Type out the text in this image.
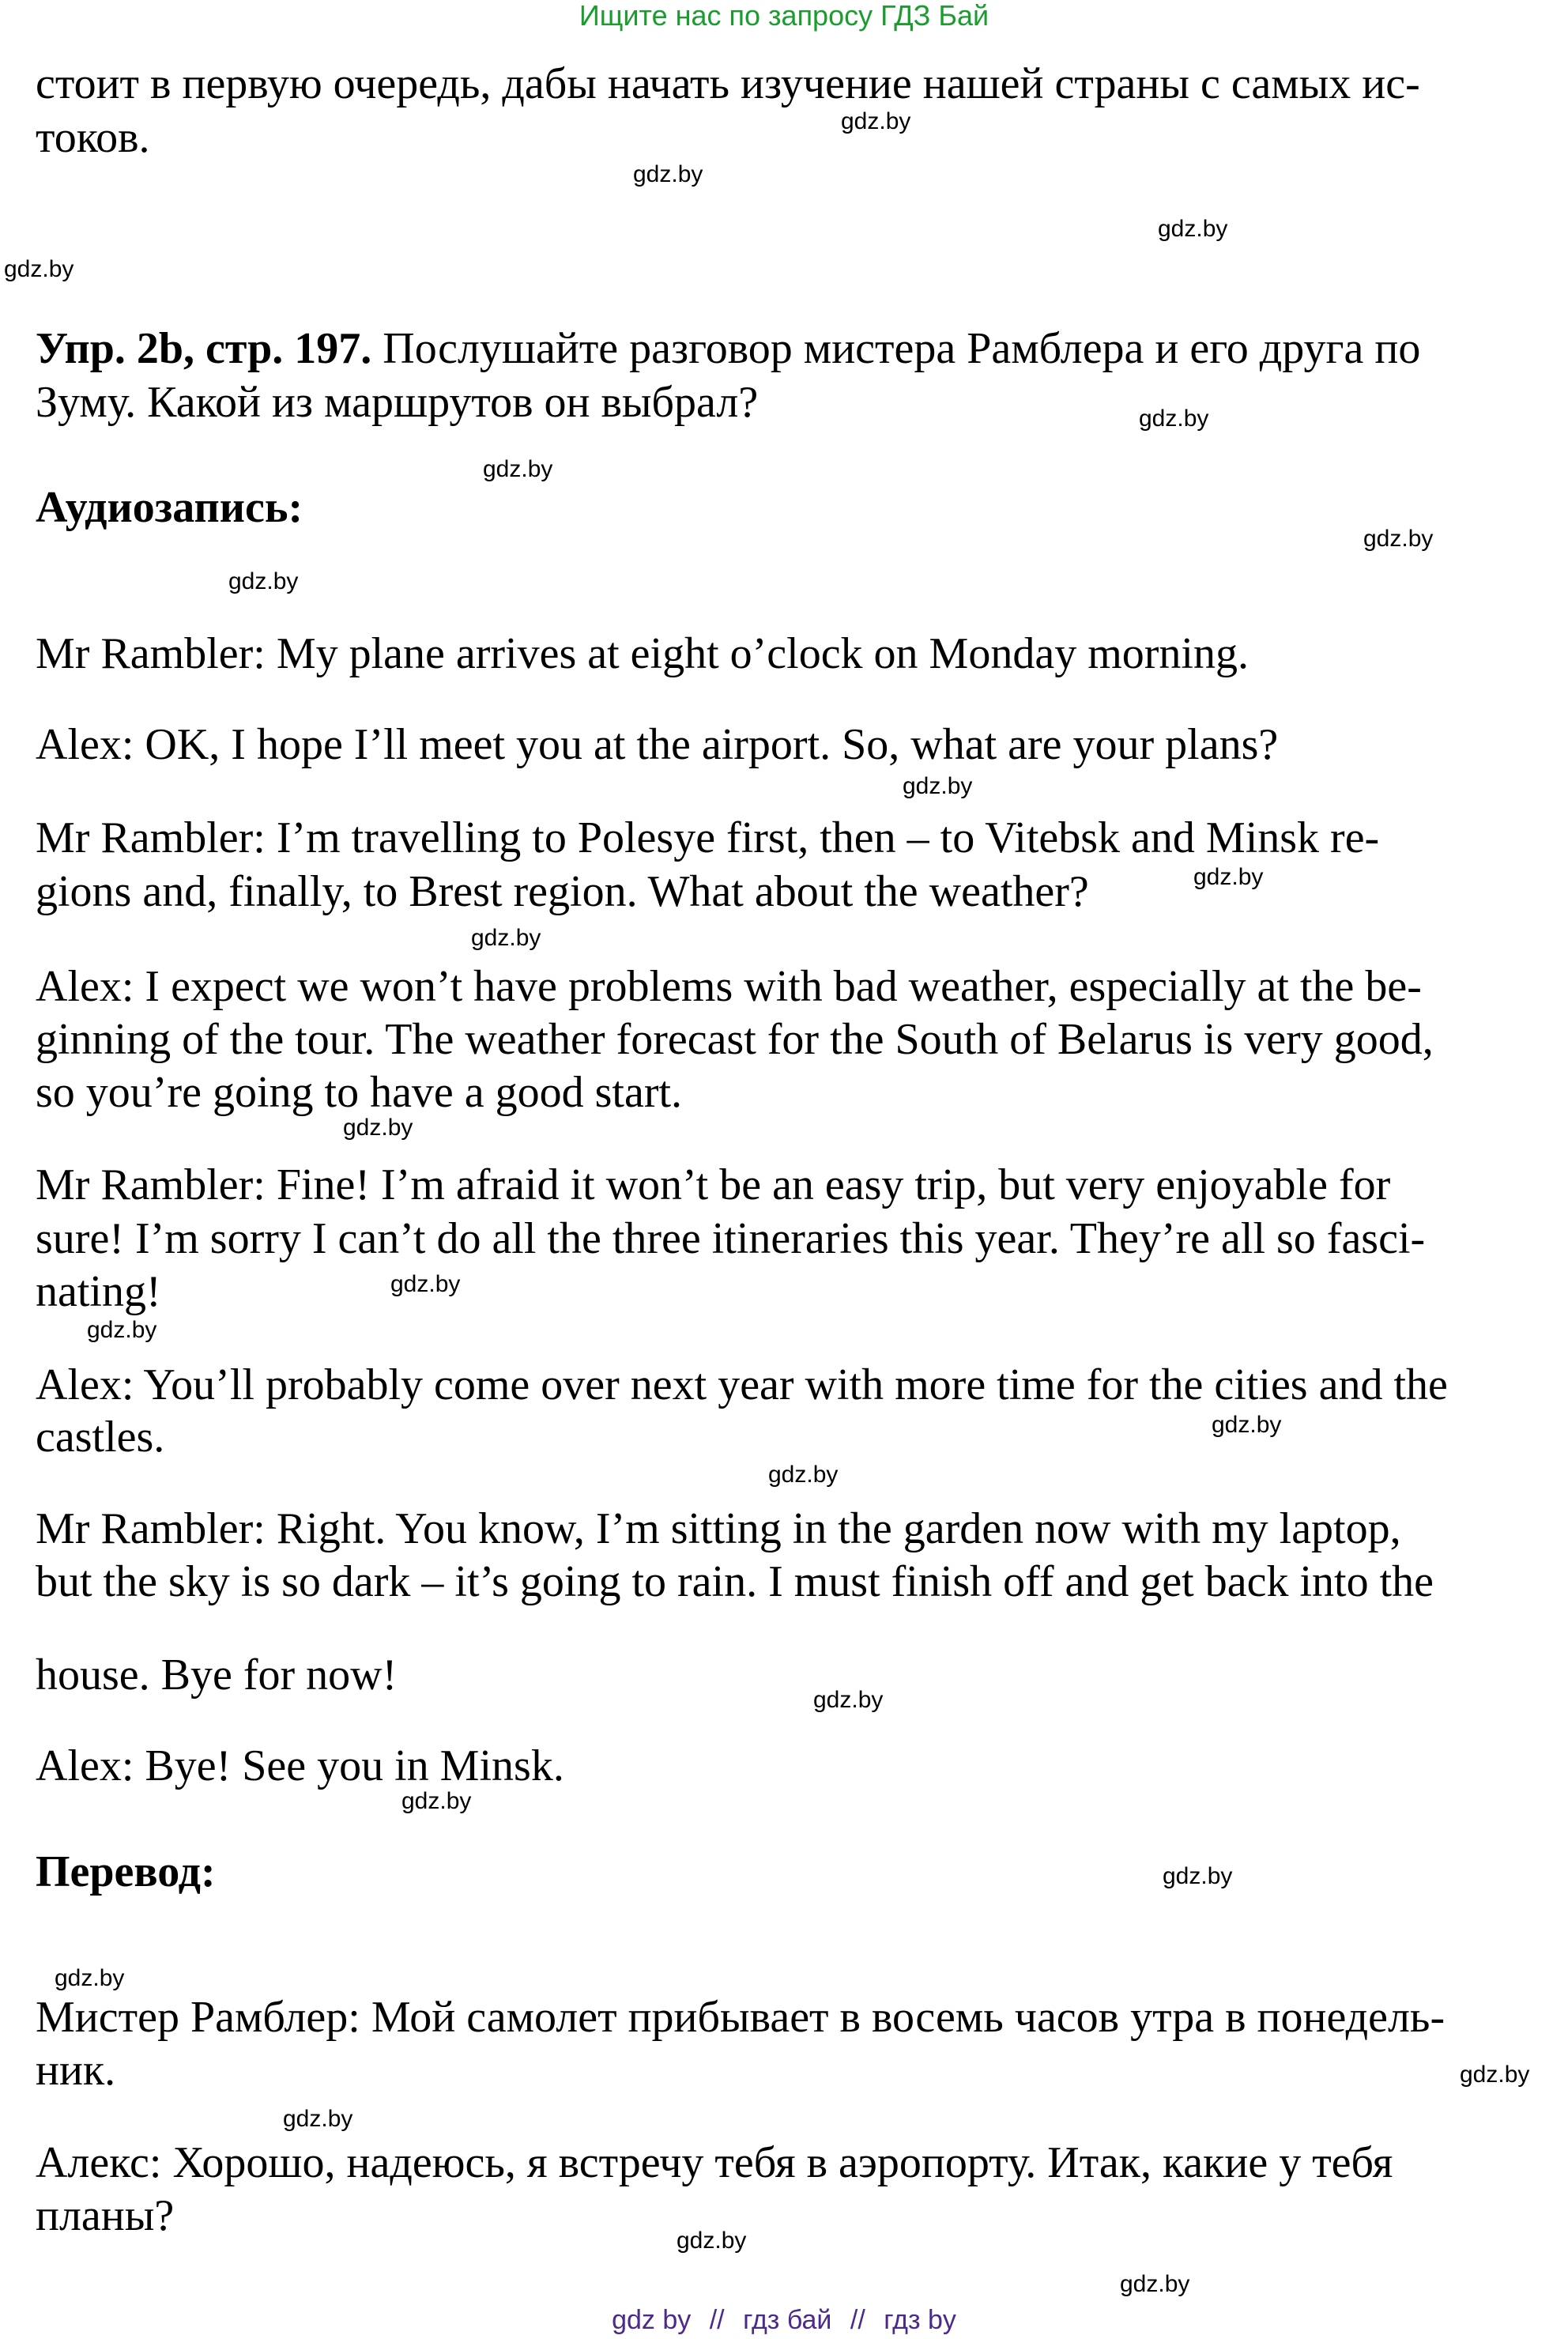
Ищите нас по запросу ГДЗ Бай
стоит в первую очередь, дабы начать изучение нашей страны с самых ис-
токов.
Упр. 2b, стр. 197. Послушайте разговор мистера Рамблера и его друга по
Зуму. Какой из маршрутов он выбрал?
Аудиозапись:
Mr Rambler: My plane arrives at eight o’clock on Monday morning.
Alex: OK, I hope I’ll meet you at the airport. So, what are your plans?
Mr Rambler: I’m travelling to Polesye first, then – to Vitebsk and Minsk re-
gions and, finally, to Brest region. What about the weather?
Alex: I expect we won’t have problems with bad weather, especially at the be-
ginning of the tour. The weather forecast for the South of Belarus is very good,
so you’re going to have a good start.
Mr Rambler: Fine! I’m afraid it won’t be an easy trip, but very enjoyable for
sure! I’m sorry I can’t do all the three itineraries this year. They’re all so fasci-
nating!
Alex: You’ll probably come over next year with more time for the cities and the
castles.
Mr Rambler: Right. You know, I’m sitting in the garden now with my laptop,
but the sky is so dark – it’s going to rain. I must finish off and get back into the
house. Bye for now!
Alex: Bye! See you in Minsk.
Перевод:
Мистер Рамблер: Мой самолет прибывает в восемь часов утра в понедель-
ник.
Алекс: Хорошо, надеюсь, я встречу тебя в аэропорту. Итак, какие у тебя
планы?
gdz.by
gdz.by
gdz.by
gdz.by
gdz.by
gdz.by
gdz.by
gdz.by
gdz.by
gdz.by
gdz.by
gdz.by
gdz.by
gdz.by
gdz.by
gdz.by
gdz.by
gdz.by
gdz.by
gdz.by
gdz.by
gdz.by
gdz.by
gdz.by
gdz by // гдз бай // гдз by
